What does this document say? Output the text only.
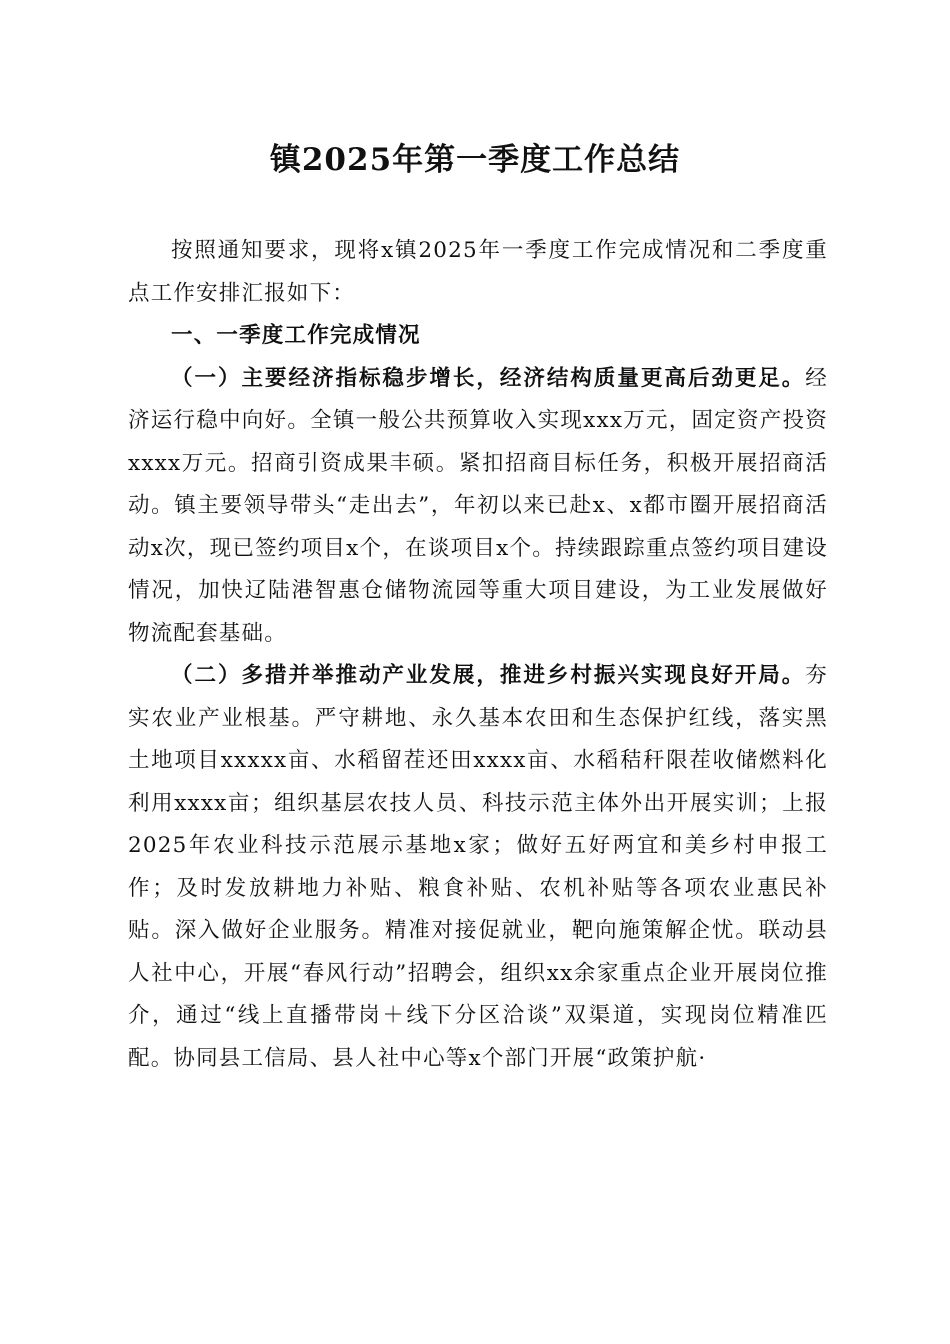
镇2025年第一季度工作总结

按照通知要求，现将x镇2025年一季度工作完成情况和二季度重点工作安排汇报如下：

一、一季度工作完成情况

（一）主要经济指标稳步增长，经济结构质量更高后劲更足。经济运行稳中向好。全镇一般公共预算收入实现xxx万元，固定资产投资xxxx万元。招商引资成果丰硕。紧扣招商目标任务，积极开展招商活动。镇主要领导带头“走出去”，年初以来已赴x、x都市圈开展招商活动x次，现已签约项目x个，在谈项目x个。持续跟踪重点签约项目建设情况，加快辽陆港智惠仓储物流园等重大项目建设，为工业发展做好物流配套基础。

（二）多措并举推动产业发展，推进乡村振兴实现良好开局。夯实农业产业根基。严守耕地、永久基本农田和生态保护红线，落实黑土地项目xxxxx亩、水稻留茬还田xxxx亩、水稻秸秆限茬收储燃料化利用xxxx亩；组织基层农技人员、科技示范主体外出开展实训；上报2025年农业科技示范展示基地x家；做好五好两宜和美乡村申报工作；及时发放耕地力补贴、粮食补贴、农机补贴等各项农业惠民补贴。深入做好企业服务。精准对接促就业，靶向施策解企忧。联动县人社中心，开展“春风行动”招聘会，组织xx余家重点企业开展岗位推介，通过“线上直播带岗＋线下分区洽谈”双渠道，实现岗位精准匹配。协同县工信局、县人社中心等x个部门开展“政策护航·
